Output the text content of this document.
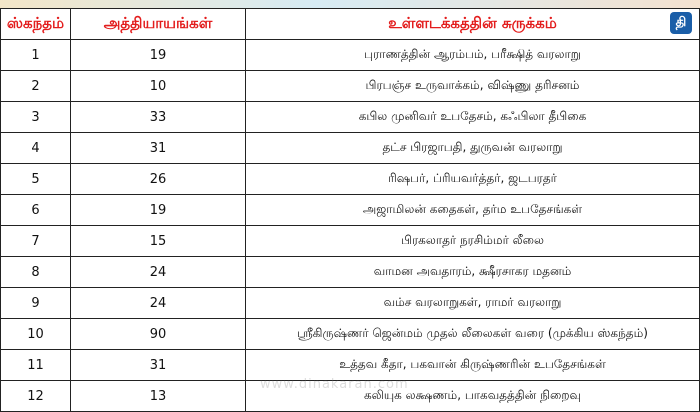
ஸ்கந்தம்	அத்தியாயங்கள்	உள்ளடக்கத்தின் சுருக்கம்
1	19	புராணத்தின் ஆரம்பம், பரீக்ஷித் வரலாறு
2	10	பிரபஞ்ச உருவாக்கம், விஷ்ணு தரிசனம்
3	33	கபில முனிவர் உபதேசம், கஃபிலா தீபிகை
4	31	தட்ச பிரஜாபதி, துருவன் வரலாறு
5	26	ரிஷபர், ப்ரியவர்த்தர், ஜடபரதர்
6	19	அஜாமிலன் கதைகள், தர்ம உபதேசங்கள்
7	15	பிரகலாதர் நரசிம்மர் லீலை
8	24	வாமன அவதாரம், க்ஷீரசாகர மதனம்
9	24	வம்ச வரலாறுகள், ராமர் வரலாறு
10	90	ஸ்ரீகிருஷ்ணர் ஜென்மம் முதல் லீலைகள் வரை (முக்கிய ஸ்கந்தம்)
11	31	உத்தவ கீதா, பகவான் கிருஷ்ணரின் உபதேசங்கள்
12	13	கலியுக லக்ஷணம், பாகவதத்தின் நிறைவு
தி
www.dinakaran.com
